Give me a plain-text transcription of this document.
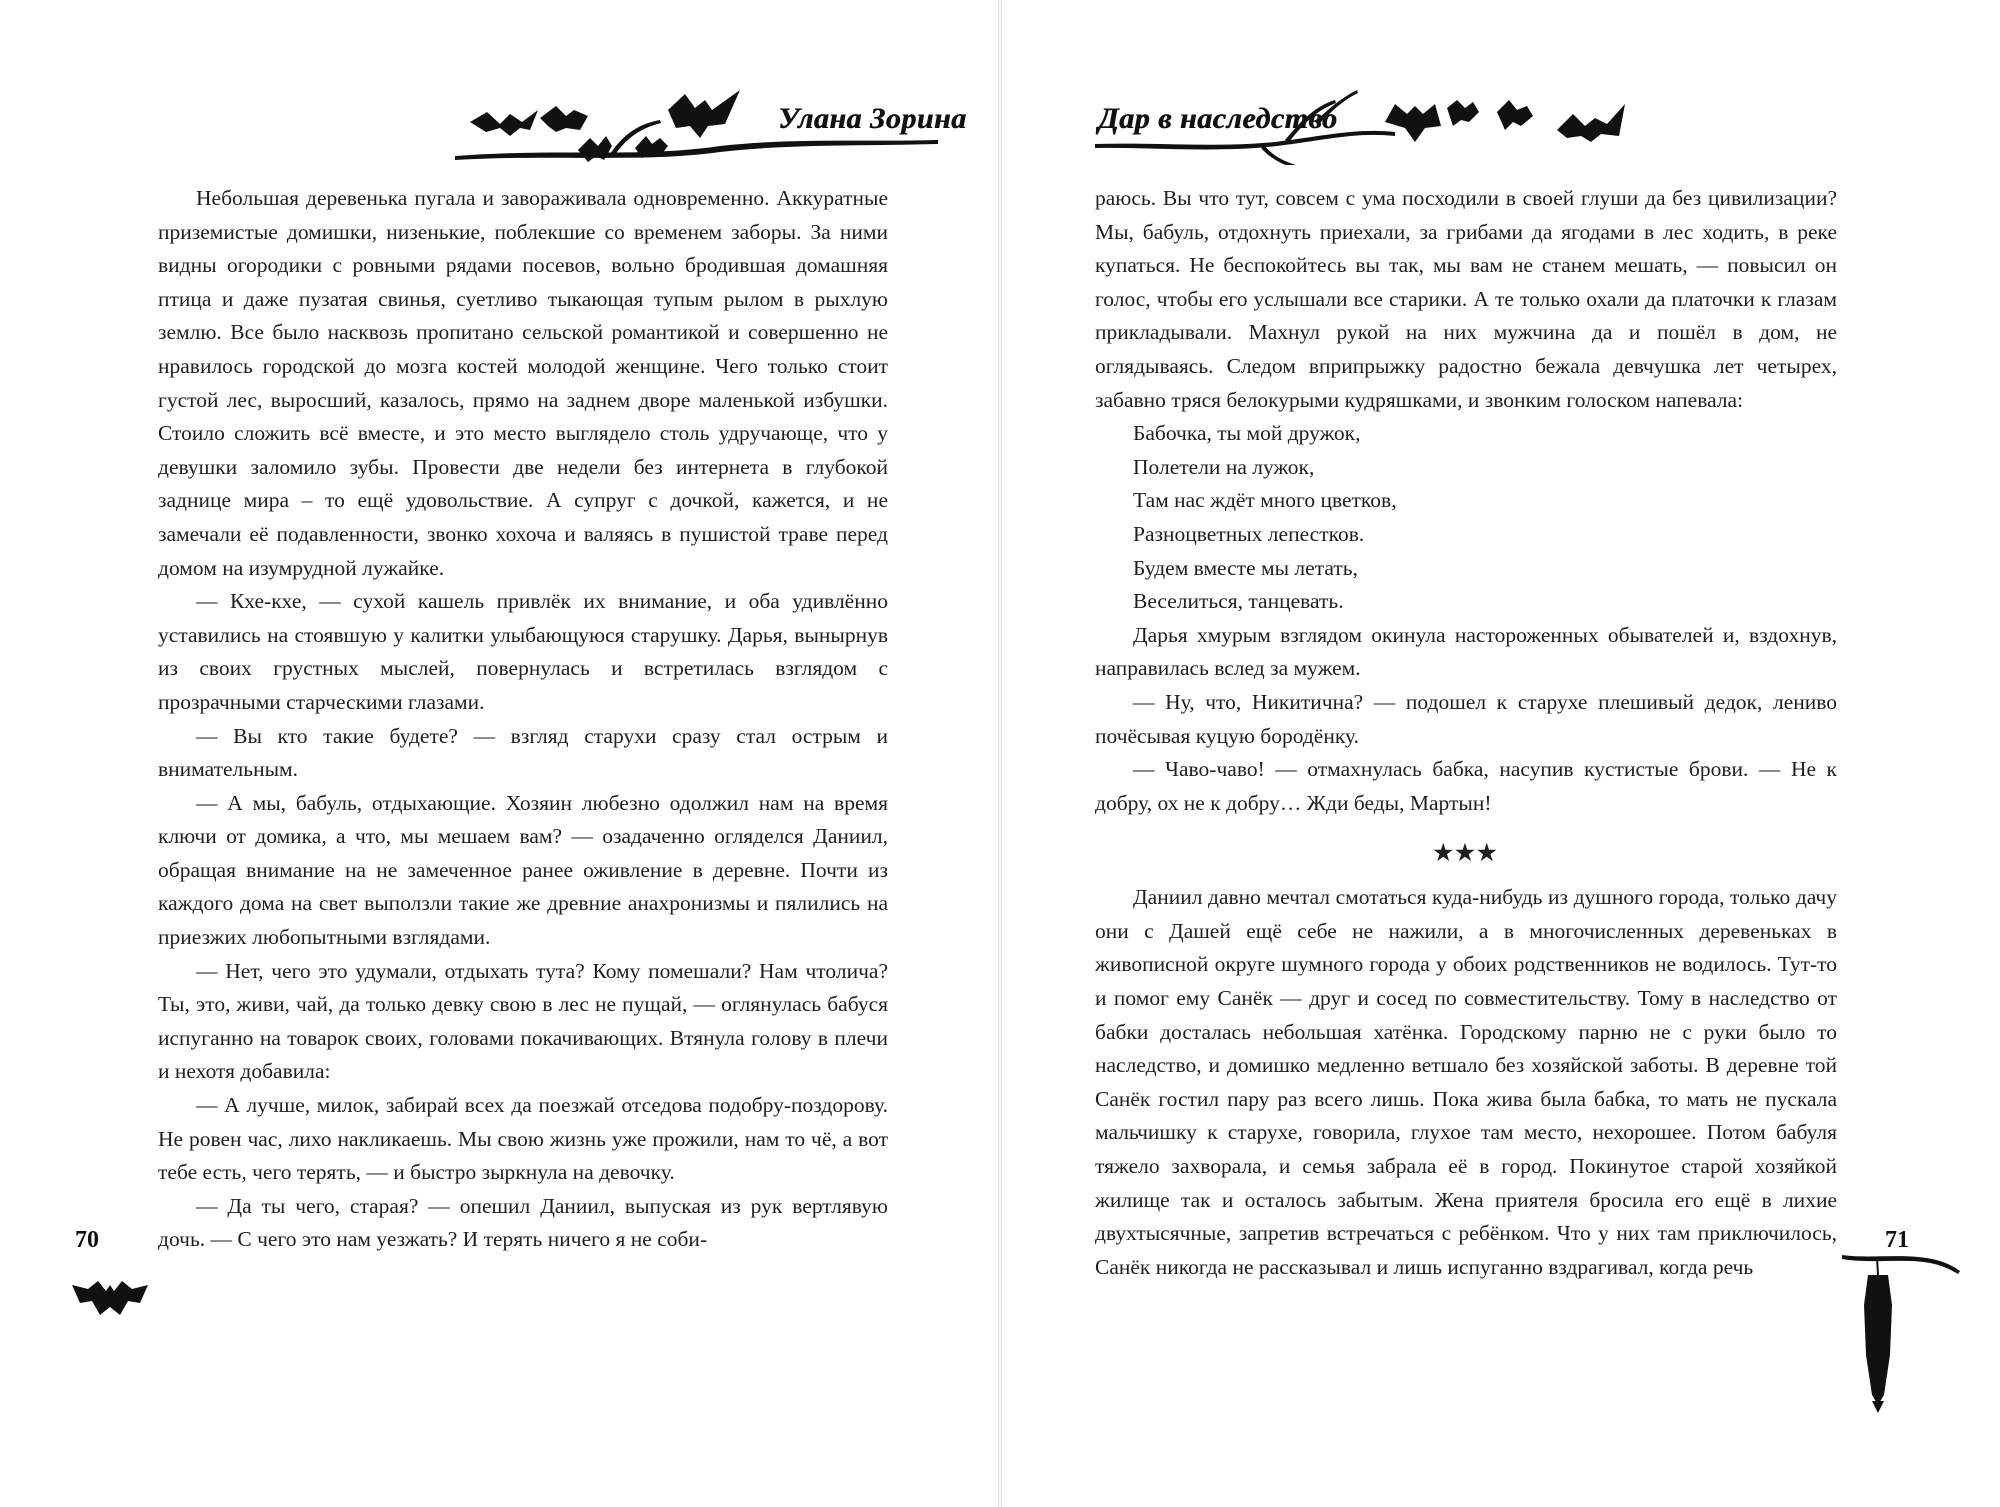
Улана Зорина

Небольшая деревенька пугала и завораживала одновременно. Аккуратные приземистые домишки, низенькие, поблекшие со временем заборы. За ними видны огородики с ровными рядами посевов, вольно бродившая домашняя птица и даже пузатая свинья, суетливо тыкающая тупым рылом в рыхлую землю. Все было насквозь пропитано сельской романтикой и совершенно не нравилось городской до мозга костей молодой женщине. Чего только стоит густой лес, выросший, казалось, прямо на заднем дворе маленькой избушки. Стоило сложить всё вместе, и это место выглядело столь удручающе, что у девушки заломило зубы. Провести две недели без интернета в глубокой заднице мира – то ещё удовольствие. А супруг с дочкой, кажется, и не замечали её подавленности, звонко хохоча и валяясь в пушистой траве перед домом на изумрудной лужайке.

— Кхе-кхе, — сухой кашель привлёк их внимание, и оба удивлённо уставились на стоявшую у калитки улыбающуюся старушку. Дарья, вынырнув из своих грустных мыслей, повернулась и встретилась взглядом с прозрачными старческими глазами.

— Вы кто такие будете? — взгляд старухи сразу стал острым и внимательным.

— А мы, бабуль, отдыхающие. Хозяин любезно одолжил нам на время ключи от домика, а что, мы мешаем вам? — озадаченно огляделся Даниил, обращая внимание на не замеченное ранее оживление в деревне. Почти из каждого дома на свет выползли такие же древние анахронизмы и пялились на приезжих любопытными взглядами.

— Нет, чего это удумали, отдыхать тута? Кому помешали? Нам чтолича? Ты, это, живи, чай, да только девку свою в лес не пущай, — оглянулась бабуся испуганно на товарок своих, головами покачивающих. Втянула голову в плечи и нехотя добавила:

— А лучше, милок, забирай всех да поезжай отседова подобру-поздорову. Не ровен час, лихо накликаешь. Мы свою жизнь уже прожили, нам то чё, а вот тебе есть, чего терять, — и быстро зыркнула на девочку.

— Да ты чего, старая? — опешил Даниил, выпуская из рук вертлявую дочь. — С чего это нам уезжать? И терять ничего я не соби-

70
Дар в наследство

раюсь. Вы что тут, совсем с ума посходили в своей глуши да без цивилизации? Мы, бабуль, отдохнуть приехали, за грибами да ягодами в лес ходить, в реке купаться. Не беспокойтесь вы так, мы вам не станем мешать, — повысил он голос, чтобы его услышали все старики. А те только охали да платочки к глазам прикладывали. Махнул рукой на них мужчина да и пошёл в дом, не оглядываясь. Следом вприпрыжку радостно бежала девчушка лет четырех, забавно тряся белокурыми кудряшками, и звонким голоском напевала:

Бабочка, ты мой дружок,
Полетели на лужок,
Там нас ждёт много цветков,
Разноцветных лепестков.
Будем вместе мы летать,
Веселиться, танцевать.

Дарья хмурым взглядом окинула настороженных обывателей и, вздохнув, направилась вслед за мужем.

— Ну, что, Никитична? — подошел к старухе плешивый дедок, лениво почёсывая куцую бородёнку.

— Чаво-чаво! — отмахнулась бабка, насупив кустистые брови. — Не к добру, ох не к добру… Жди беды, Мартын!

★★★

Даниил давно мечтал смотаться куда-нибудь из душного города, только дачу они с Дашей ещё себе не нажили, а в многочисленных деревеньках в живописной округе шумного города у обоих родственников не водилось. Тут-то и помог ему Санёк — друг и сосед по совместительству. Тому в наследство от бабки досталась небольшая хатёнка. Городскому парню не с руки было то наследство, и домишко медленно ветшало без хозяйской заботы. В деревне той Санёк гостил пару раз всего лишь. Пока жива была бабка, то мать не пускала мальчишку к старухе, говорила, глухое там место, нехорошее. Потом бабуля тяжело захворала, и семья забрала её в город. Покинутое старой хозяйкой жилище так и осталось забытым. Жена приятеля бросила его ещё в лихие двухтысячные, запретив встречаться с ребёнком. Что у них там приключилось, Санёк никогда не рассказывал и лишь испуганно вздрагивал, когда речь

71
